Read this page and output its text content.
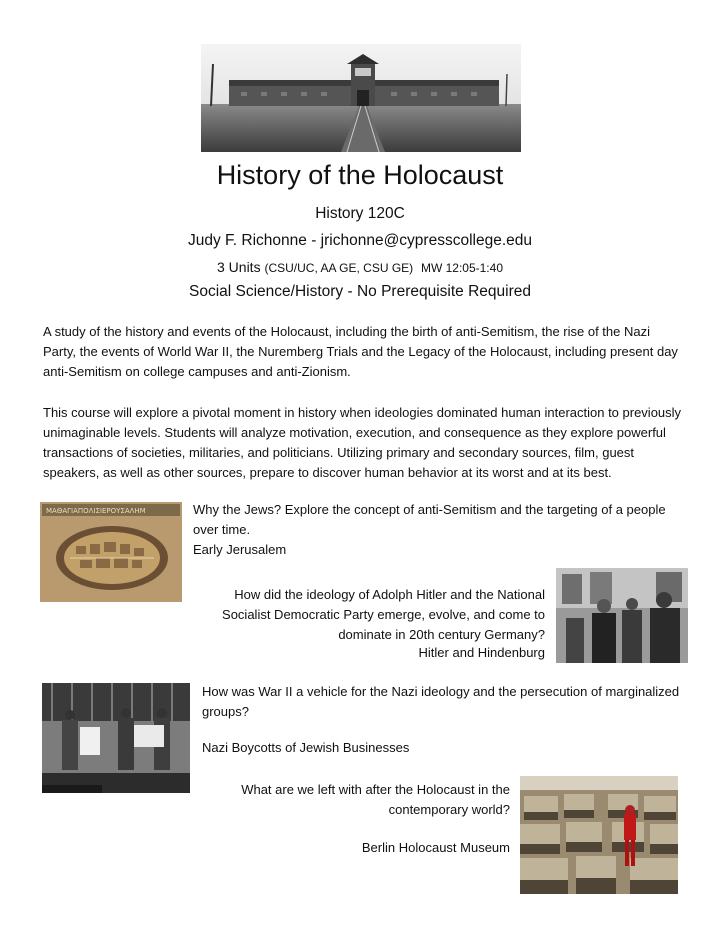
History of the Holocaust
History 120C
Judy F. Richonne - jrichonne@cypresscollege.edu
3 Units (CSU/UC, AA GE, CSU GE) MW 12:05-1:40
Social Science/History - No Prerequisite Required
A study of the history and events of the Holocaust, including the birth of anti-Semitism, the rise of the Nazi Party, the events of World War II, the Nuremberg Trials and the Legacy of the Holocaust, including present day anti-Semitism on college campuses and anti-Zionism.
This course will explore a pivotal moment in history when ideologies dominated human interaction to previously unimaginable levels. Students will analyze motivation, execution, and consequence as they explore powerful transactions of societies, militaries, and politicians. Utilizing primary and secondary sources, film, guest speakers, as well as other sources, prepare to discover human behavior at its worst and at its best.
ΜΑΘΑΓΙΑΠΟΛΙΣΙΕΡΟΥΣΑΛΗΜ	Why the Jews? Explore the concept of anti-Semitism and the targeting of a people over time.
Early Jerusalem
How did the ideology of Adolph Hitler and the National Socialist Democratic Party emerge, evolve, and come to dominate in 20th century Germany?
Hitler and Hindenburg
How was War II a vehicle for the Nazi ideology and the persecution of marginalized groups?
Nazi Boycotts of Jewish Businesses
What are we left with after the Holocaust in the contemporary world?
Berlin Holocaust Museum
